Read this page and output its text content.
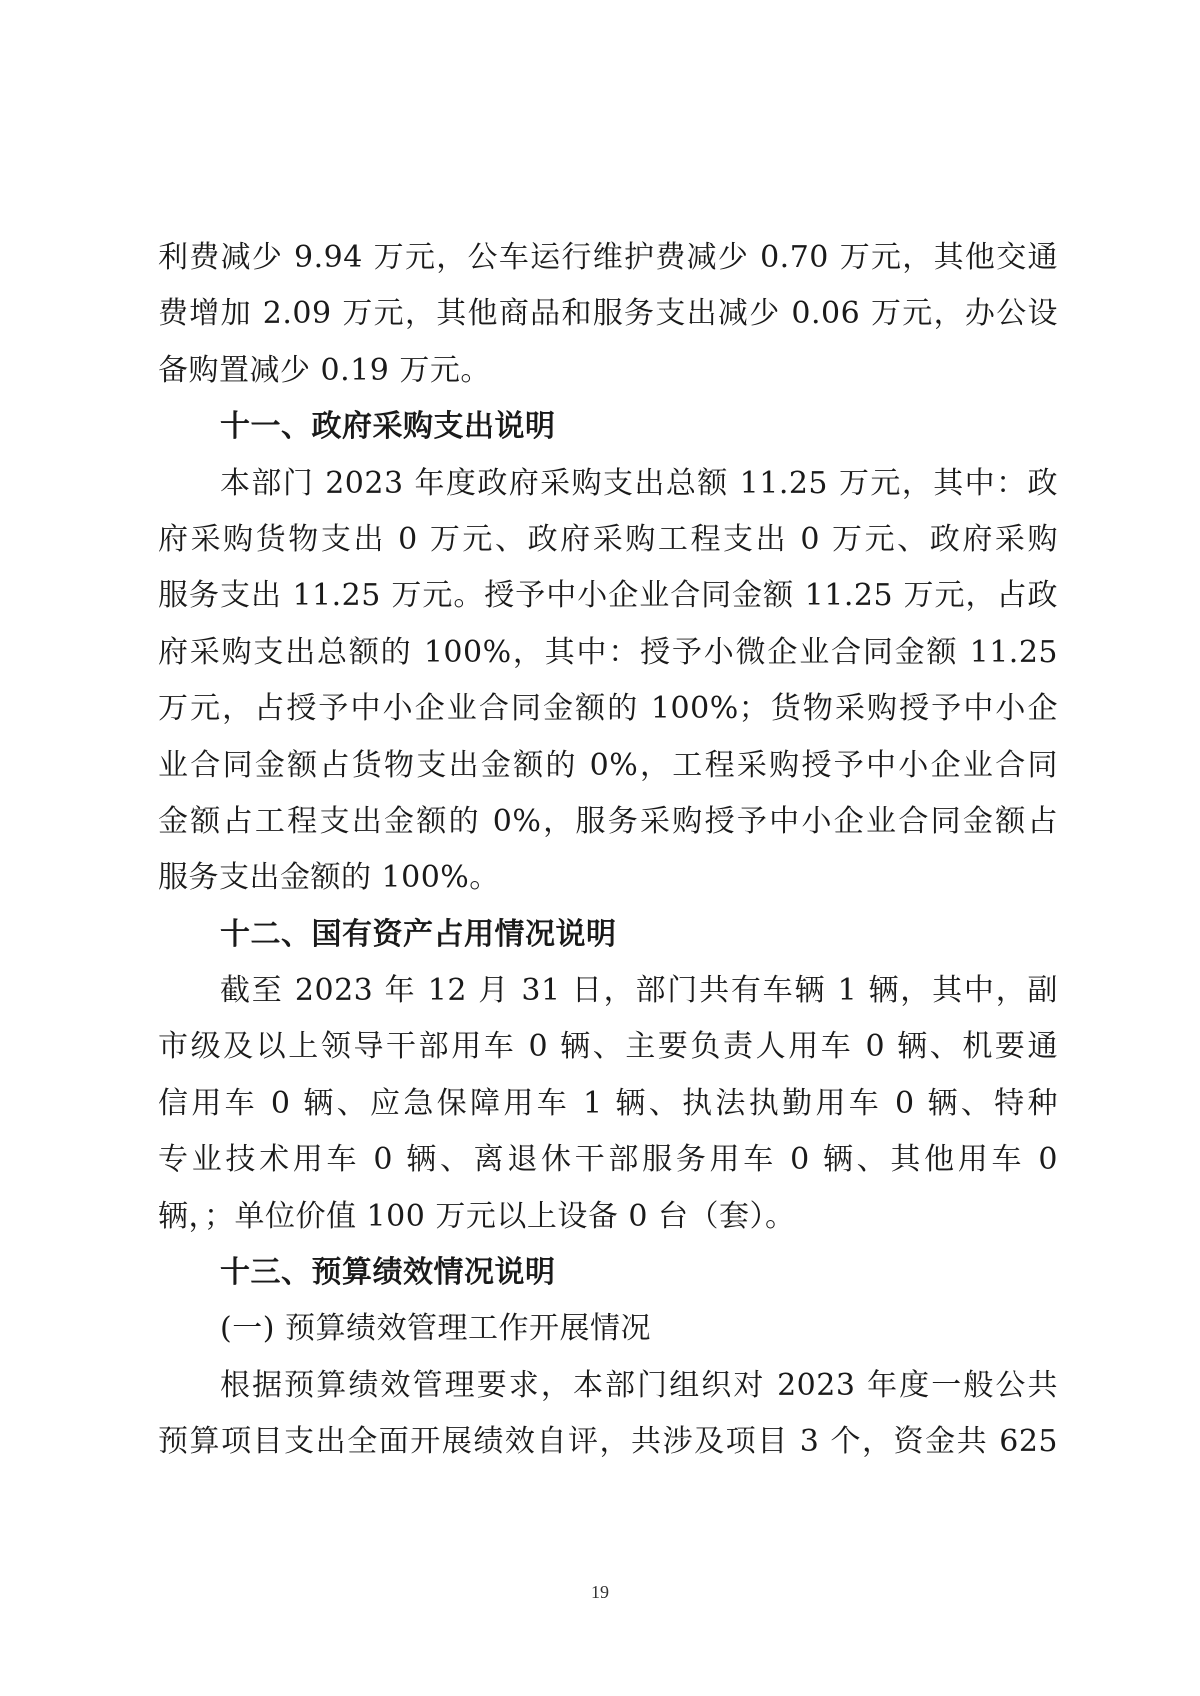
利费减少 9.94 万元，公车运行维护费减少 0.70 万元，其他交通
费增加 2.09 万元，其他商品和服务支出减少 0.06 万元，办公设
备购置减少 0.19 万元。
十一、政府采购支出说明
本部门 2023 年度政府采购支出总额 11.25 万元，其中：政
府采购货物支出 0 万元、政府采购工程支出 0 万元、政府采购
服务支出 11.25 万元。授予中小企业合同金额 11.25 万元，占政
府采购支出总额的 100%，其中：授予小微企业合同金额 11.25
万元，占授予中小企业合同金额的 100%；货物采购授予中小企
业合同金额占货物支出金额的 0%，工程采购授予中小企业合同
金额占工程支出金额的 0%，服务采购授予中小企业合同金额占
服务支出金额的 100%。
十二、国有资产占用情况说明
截至 2023 年 12 月 31 日，部门共有车辆 1 辆，其中，副
市级及以上领导干部用车 0 辆、主要负责人用车 0 辆、机要通
信用车 0 辆、应急保障用车 1 辆、执法执勤用车 0 辆、特种
专业技术用车 0 辆、离退休干部服务用车 0 辆、其他用车 0
辆，；单位价值 100 万元以上设备 0 台（套）。
十三、预算绩效情况说明
(一) 预算绩效管理工作开展情况
根据预算绩效管理要求，本部门组织对 2023 年度一般公共
预算项目支出全面开展绩效自评，共涉及项目 3 个，资金共 625
19
